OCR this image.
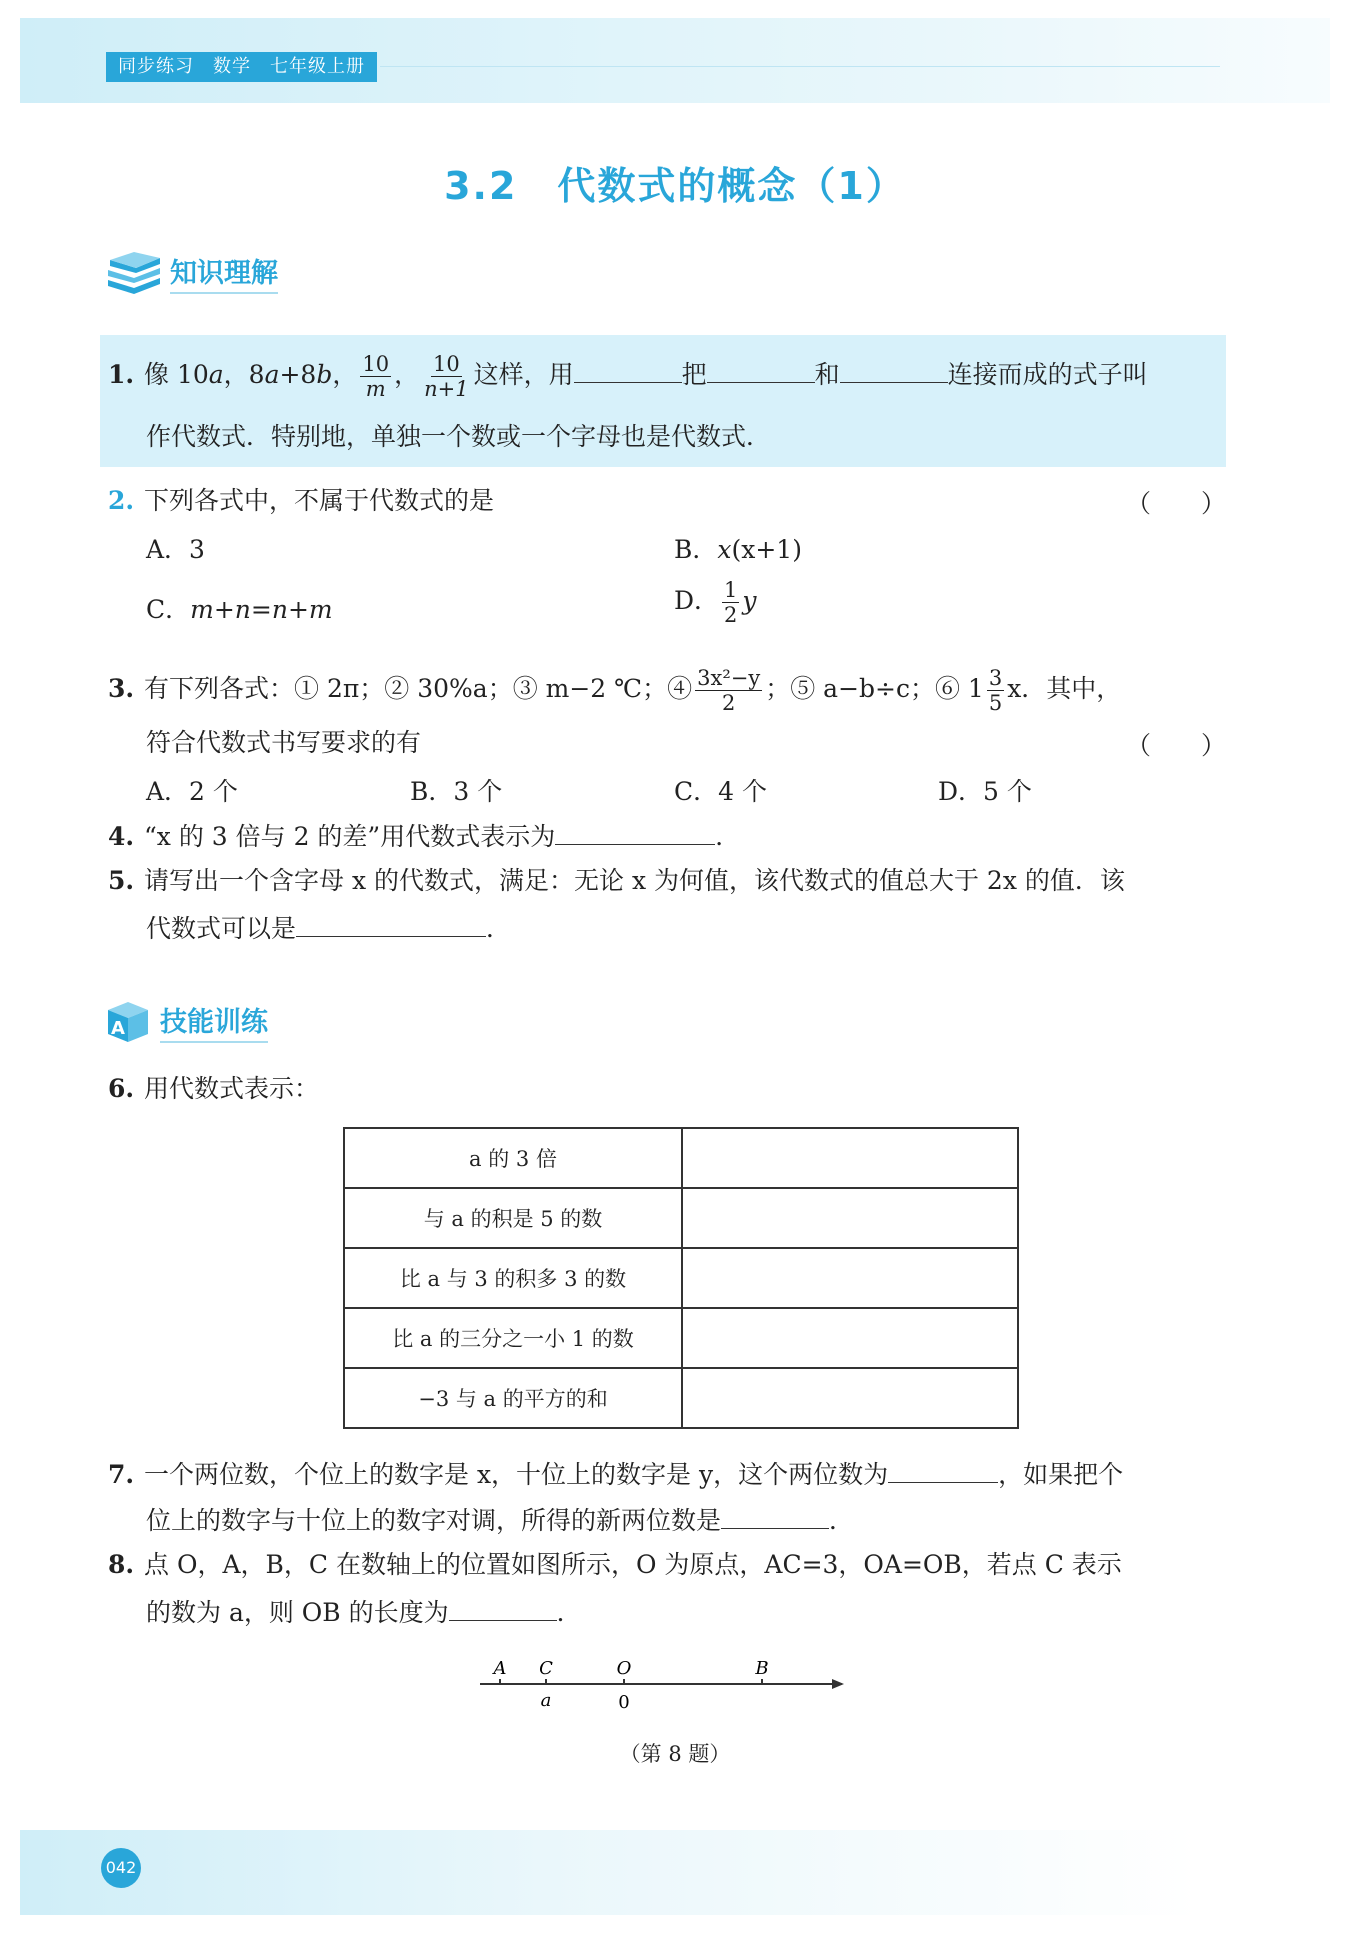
同步练习　数学　七年级上册
3.2　代数式的概念（1）
知识理解
1. 像 10a，8a+8b， $\frac{10}{m}$ ， $\frac{10}{n+1}$ 这样，用	把	和	连接而成的式子叫
作代数式．特别地，单独一个数或一个字母也是代数式．
2. 下列各式中，不属于代数式的是	（　　）
A．3	B．x(x+1)
C．m+n=n+m	D． $\frac{1}{2}$ y
3. 有下列各式：① 2π；② 30%a；③ m−2 ℃；④ $\frac{\text{3x²−y}}{2}$ ；⑤ a−b÷c；⑥ $1 \frac{3}{5}$ x．其中，
符合代数式书写要求的有	（　　）
A．2 个	B．3 个	C．4 个	D．5 个
4. “x 的 3 倍与 2 的差”用代数式表示为	．
5. 请写出一个含字母 x 的代数式，满足：无论 x 为何值，该代数式的值总大于 2x 的值．该
代数式可以是	．
A 技能训练
6. 用代数式表示：
a 的 3 倍	
与 a 的积是 5 的数	
比 a 与 3 的积多 3 的数	
比 a 的三分之一小 1 的数	
−3 与 a 的平方的和	
7. 一个两位数，个位上的数字是 x，十位上的数字是 y，这个两位数为	，如果把个
位上的数字与十位上的数字对调，所得的新两位数是	．
8. 点 O，A，B，C 在数轴上的位置如图所示，O 为原点，AC=3，OA=OB，若点 C 表示
的数为 a，则 OB 的长度为	．
A C	O	B
a	0
（第 8 题）
042
